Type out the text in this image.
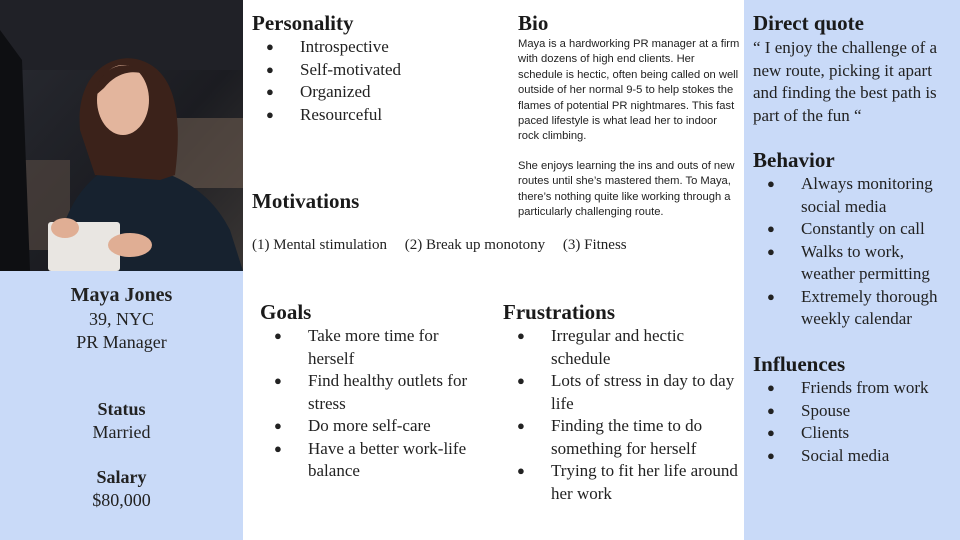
Maya Jones
39, NYC
PR Manager
Status
Married
Salary
$80,000
Personality
● Introspective
● Self-motivated
● Organized
● Resourceful
Bio

Maya is a hardworking PR manager at a firm with dozens of high end clients. Her schedule is hectic, often being called on well outside of her normal 9-5 to help stokes the flames of potential PR nightmares. This fast paced lifestyle is what lead her to indoor rock climbing.

She enjoys learning the ins and outs of new routes until she’s mastered them. To Maya, there’s nothing quite like working through a particularly challenging route.

Motivations
(1) Mental stimulation (2) Break up monotony (3) Fitness
Goals
● Take more time for herself
● Find healthy outlets for stress
● Do more self-care
● Have a better work-life balance
Frustrations
● Irregular and hectic schedule
● Lots of stress in day to day life
● Finding the time to do something for herself
● Trying to fit her life around her work
Direct quote

“ I enjoy the challenge of a new route, picking it apart and finding the best path is part of the fun “

Behavior
● Always monitoring social media
● Constantly on call
● Walks to work, weather permitting
● Extremely thorough weekly calendar
Influences
● Friends from work
● Spouse
● Clients
● Social media
